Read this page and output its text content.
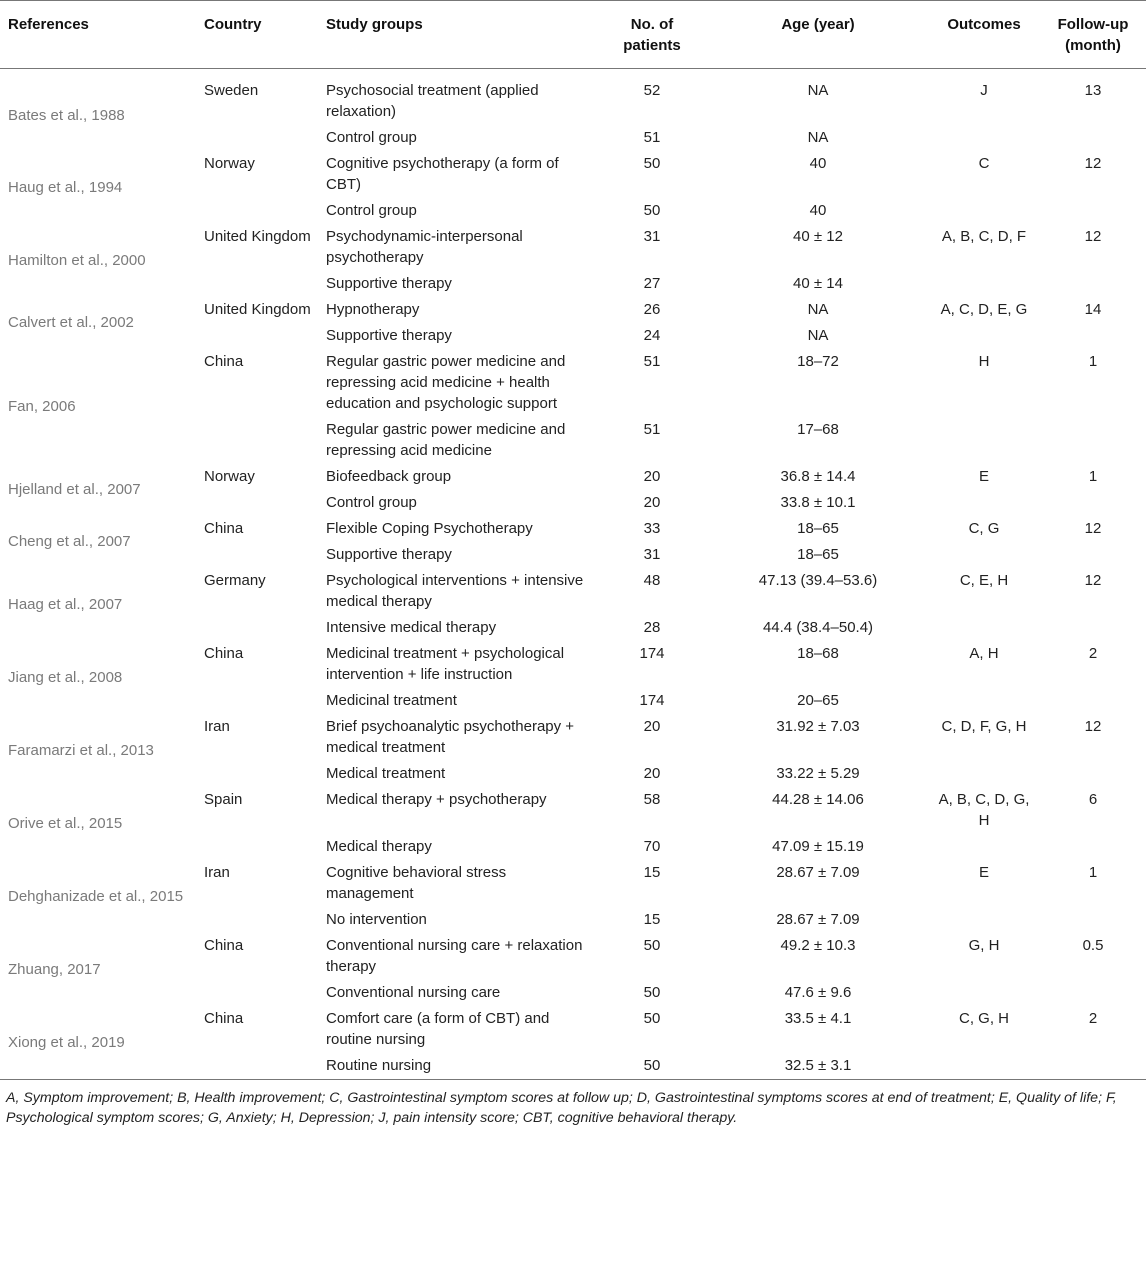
References	Country	Study groups	No. of patients	Age (year)	Outcomes	Follow-up (month)
Bates et al., 1988	Sweden	Psychosocial treatment (applied relaxation)	52	NA	J	13
		Control group	51	NA		
Haug et al., 1994	Norway	Cognitive psychotherapy (a form of CBT)	50	40	C	12
		Control group	50	40		
Hamilton et al., 2000	United Kingdom	Psychodynamic-interpersonal psychotherapy	31	40 ± 12	A, B, C, D, F	12
		Supportive therapy	27	40 ± 14		
Calvert et al., 2002	United Kingdom	Hypnotherapy	26	NA	A, C, D, E, G	14
		Supportive therapy	24	NA		
Fan, 2006	China	Regular gastric power medicine and repressing acid medicine + health education and psychologic support	51	18–72	H	1
		Regular gastric power medicine and repressing acid medicine	51	17–68		
Hjelland et al., 2007	Norway	Biofeedback group	20	36.8 ± 14.4	E	1
		Control group	20	33.8 ± 10.1		
Cheng et al., 2007	China	Flexible Coping Psychotherapy	33	18–65	C, G	12
		Supportive therapy	31	18–65		
Haag et al., 2007	Germany	Psychological interventions + intensive medical therapy	48	47.13 (39.4–53.6)	C, E, H	12
		Intensive medical therapy	28	44.4 (38.4–50.4)		
Jiang et al., 2008	China	Medicinal treatment + psychological intervention + life instruction	174	18–68	A, H	2
		Medicinal treatment	174	20–65		
Faramarzi et al., 2013	Iran	Brief psychoanalytic psychotherapy + medical treatment	20	31.92 ± 7.03	C, D, F, G, H	12
		Medical treatment	20	33.22 ± 5.29		
Orive et al., 2015	Spain	Medical therapy + psychotherapy	58	44.28 ± 14.06	A, B, C, D, G, H	6
		Medical therapy	70	47.09 ± 15.19		
Dehghanizade et al., 2015	Iran	Cognitive behavioral stress management	15	28.67 ± 7.09	E	1
		No intervention	15	28.67 ± 7.09		
Zhuang, 2017	China	Conventional nursing care + relaxation therapy	50	49.2 ± 10.3	G, H	0.5
		Conventional nursing care	50	47.6 ± 9.6		
Xiong et al., 2019	China	Comfort care (a form of CBT) and routine nursing	50	33.5 ± 4.1	C, G, H	2
		Routine nursing	50	32.5 ± 3.1		
A, Symptom improvement; B, Health improvement; C, Gastrointestinal symptom scores at follow up; D, Gastrointestinal symptoms scores at end of treatment; E, Quality of life; F, Psychological symptom scores; G, Anxiety; H, Depression; J, pain intensity score; CBT, cognitive behavioral therapy.						
